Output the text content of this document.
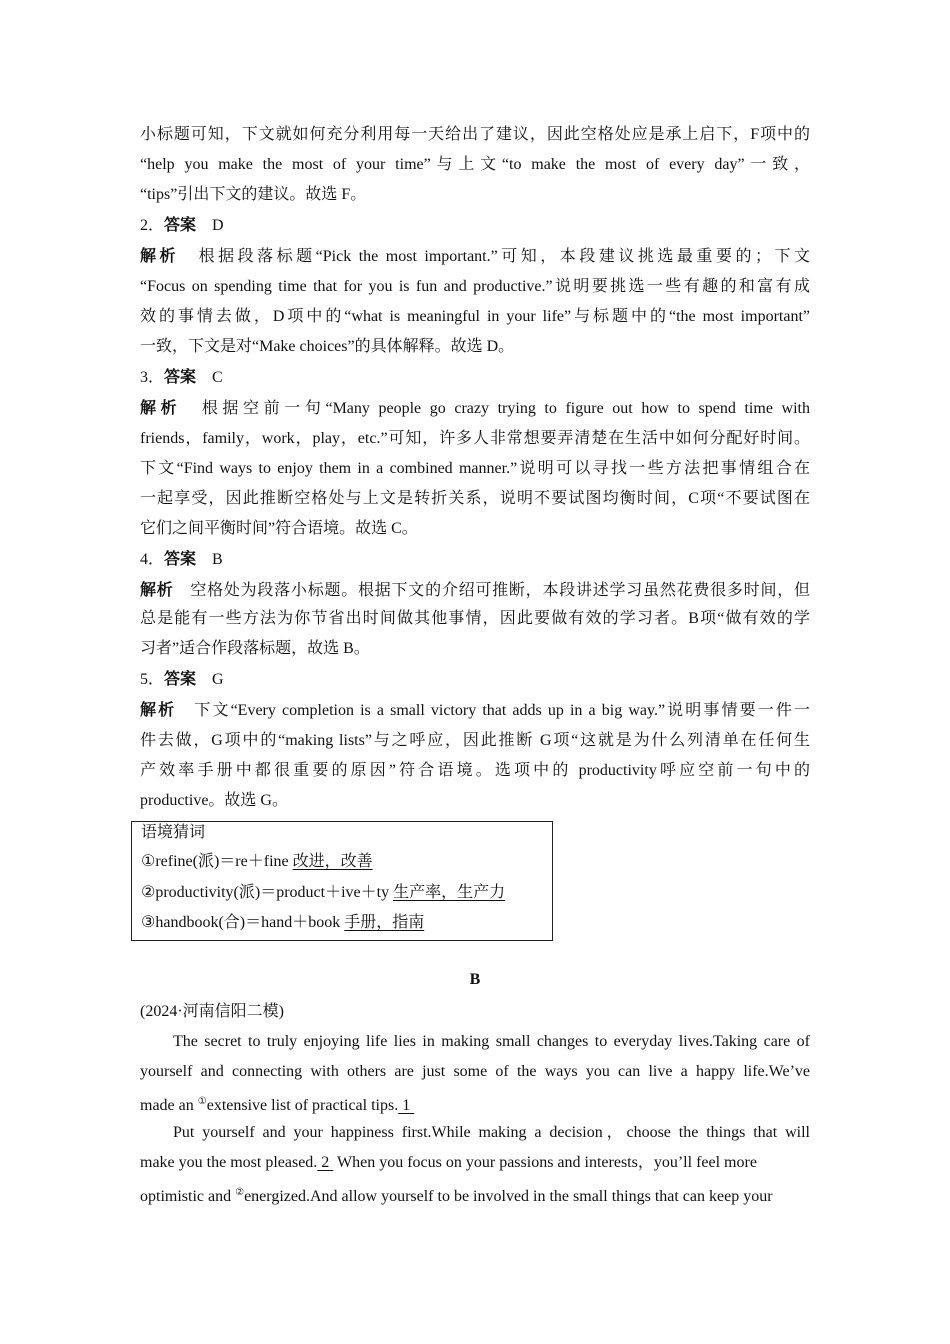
小标题可知，下文就如何充分利用每一天给出了建议，因此空格处应是承上启下，F项中的
“help you make the most of your time”与上文“to make the most of every day”一致，
“tips”引出下文的建议。故选 F。
2．答案　D
解析　根据段落标题“Pick the most important.”可知，本段建议挑选最重要的；下文
“Focus on spending time that for you is fun and productive.”说明要挑选一些有趣的和富有成
效的事情去做，D项中的“what is meaningful in your life”与标题中的“the most important”
一致，下文是对“Make choices”的具体解释。故选 D。
3．答案　C
解析　根据空前一句“Many people go crazy trying to figure out how to spend time with
friends，family，work，play，etc.”可知，许多人非常想要弄清楚在生活中如何分配好时间。
下文“Find ways to enjoy them in a combined manner.”说明可以寻找一些方法把事情组合在
一起享受，因此推断空格处与上文是转折关系，说明不要试图均衡时间，C项“不要试图在
它们之间平衡时间”符合语境。故选 C。
4．答案　B
解析　空格处为段落小标题。根据下文的介绍可推断，本段讲述学习虽然花费很多时间，但
总是能有一些方法为你节省出时间做其他事情，因此要做有效的学习者。B项“做有效的学
习者”适合作段落标题，故选 B。
5．答案　G
解析　下文“Every completion is a small victory that adds up in a big way.”说明事情要一件一
件去做，G项中的“making lists”与之呼应，因此推断 G项“这就是为什么列清单在任何生
产效率手册中都很重要的原因”符合语境。选项中的 productivity呼应空前一句中的
productive。故选 G。
语境猜词
①refine(派)＝re＋fine 改进，改善
②productivity(派)＝product＋ive＋ty 生产率，生产力
③handbook(合)＝hand＋book 手册，指南
B
(2024·河南信阳二模)
The secret to truly enjoying life lies in making small changes to everyday lives.Taking care of
yourself and connecting with others are just some of the ways you can live a happy life.We’ve
made an ①extensive list of practical tips. 1
Put yourself and your happiness first.While making a decision，choose the things that will
make you the most pleased. 2  When you focus on your passions and interests，you’ll feel more
optimistic and ②energized.And allow yourself to be involved in the small things that can keep your
